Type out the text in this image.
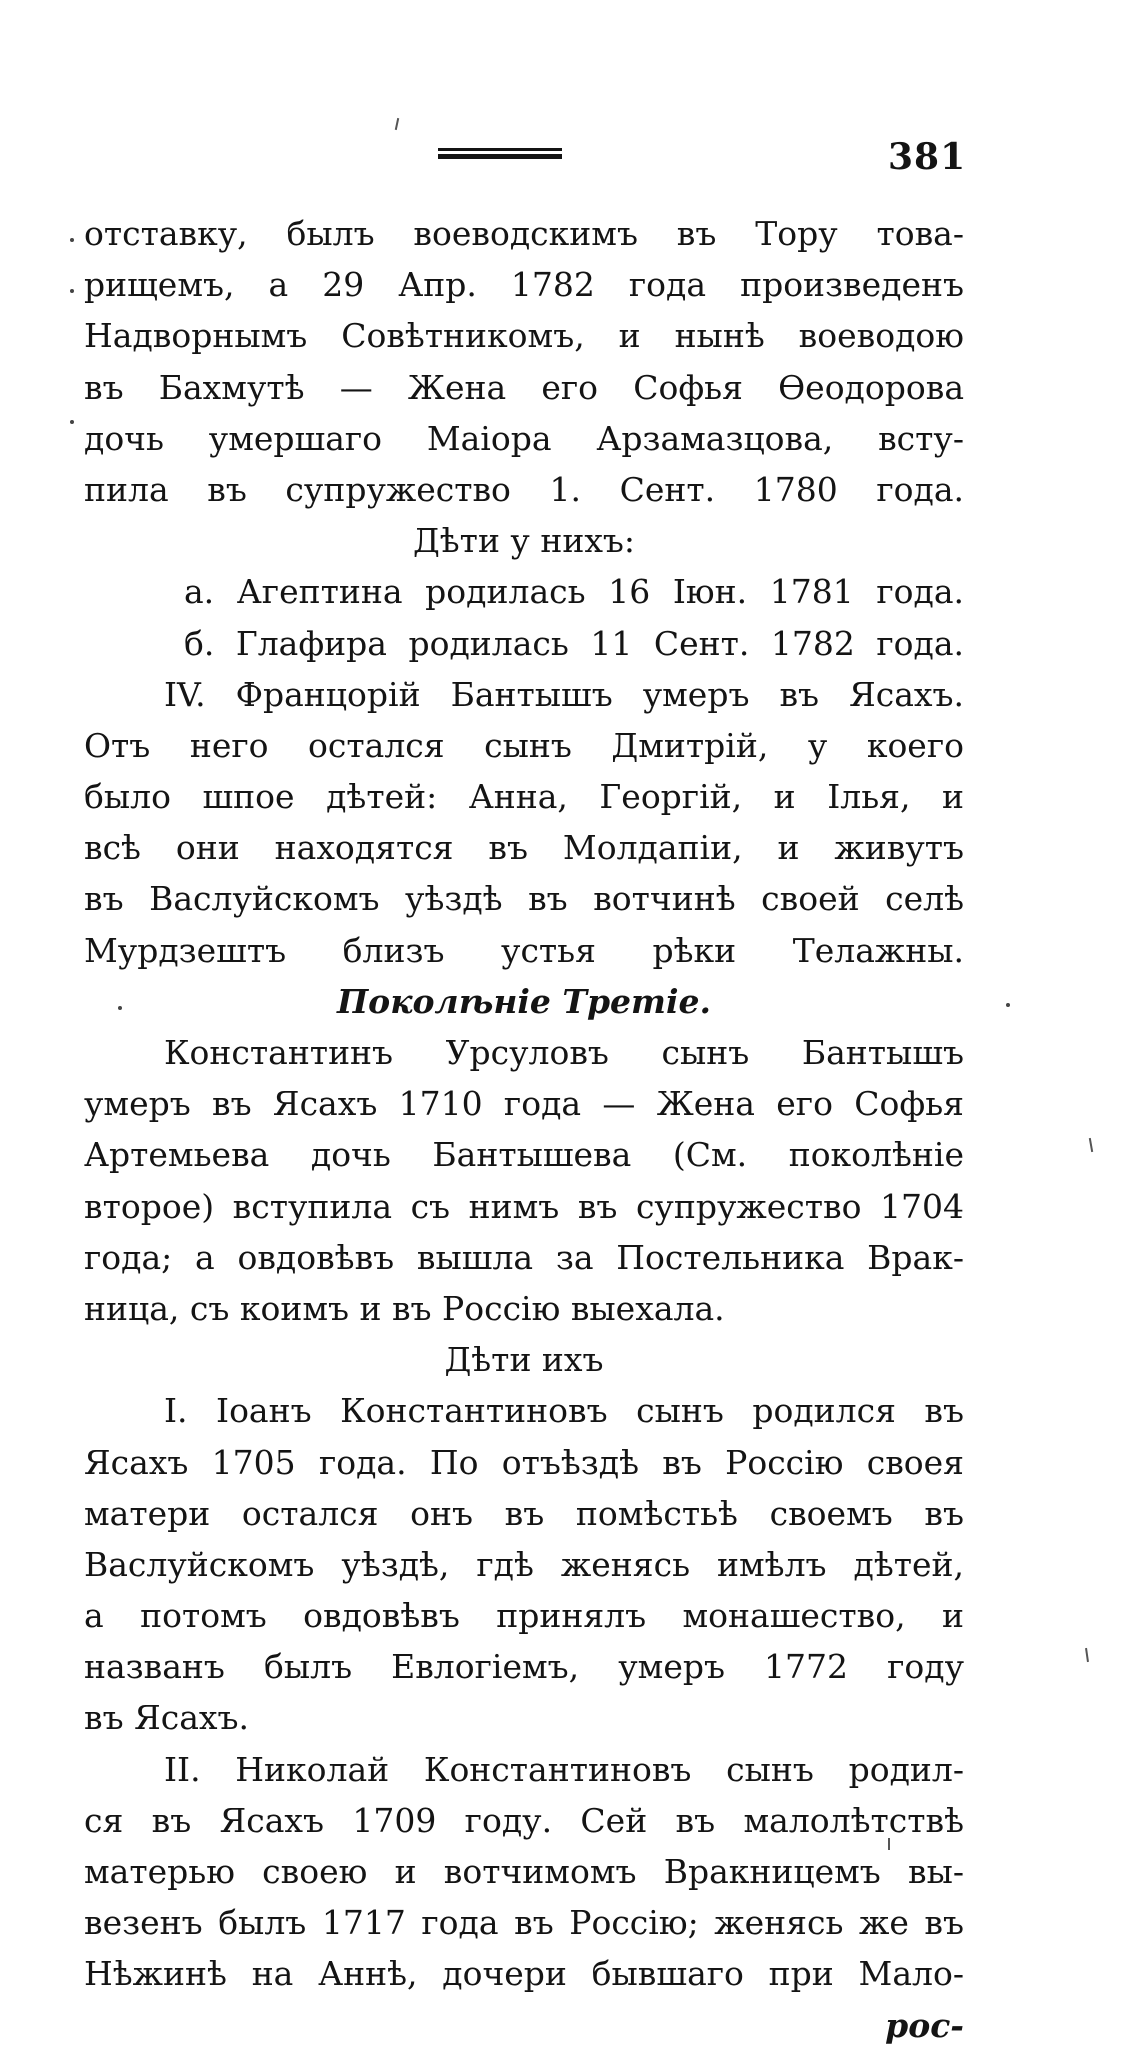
381
отставку, былъ воеводскимъ въ Тору това-
рищемъ, а 29 Апр. 1782 года произведенъ
Надворнымъ Совѣтникомъ, и нынѣ воеводою
въ Бахмутѣ — Жена его Софья Ѳеодорова
дочь умершаго Маiора Арзамазцова, всту-
пила въ супружество 1. Сент. 1780 года.
Дѣти у нихъ:
а. Агептина родилась 16 Iюн. 1781 года.
б. Глафира родилась 11 Сент. 1782 года.
IV. Францорiй Бантышъ умеръ въ Ясахъ.
Отъ него остался сынъ Дмитрiй, у коего
было шпое дѣтей: Анна, Георгiй, и Iлья, и
всѣ они находятся въ Молдапiи, и живутъ
въ Васлуйскомъ уѣздѣ въ вотчинѣ своей селѣ
Мурдзештъ близъ устья рѣки Телажны.
Поколѣнiе Третiе.
Константинъ Урсуловъ сынъ Бантышъ
умеръ въ Ясахъ 1710 года — Жена его Софья
Артемьева дочь Бантышева (См. поколѣнiе
второе) вступила съ нимъ въ супружество 1704
года; а овдовѣвъ вышла за Постельника Врак-
ница, съ коимъ и въ Россiю выехала.
Дѣти ихъ
I. Iоанъ Константиновъ сынъ родился въ
Ясахъ 1705 года. По отъѣздѣ въ Россiю своея
матери остался онъ въ помѣстьѣ своемъ въ
Васлуйскомъ уѣздѣ, гдѣ женясь имѣлъ дѣтей,
а потомъ овдовѣвъ принялъ монашество, и
названъ былъ Евлогiемъ, умеръ 1772 году
въ Ясахъ.
II. Николай Константиновъ сынъ родил-
ся въ Ясахъ 1709 году. Сей въ малолѣтствѣ
матерью своею и вотчимомъ Вракницемъ вы-
везенъ былъ 1717 года въ Россiю; женясь же въ
Нѣжинѣ на Аннѣ, дочери бывшаго при Мало-
рос-
